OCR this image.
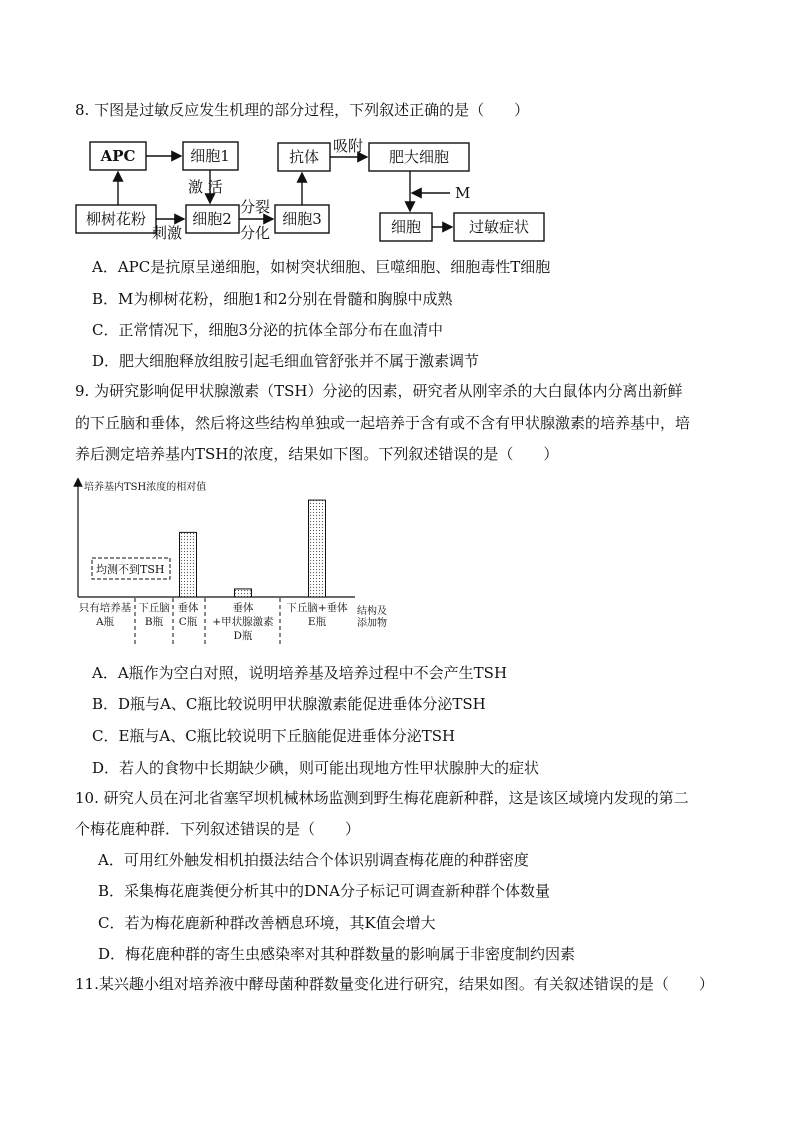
8. 下图是过敏反应发生机理的部分过程，下列叙述正确的是（　　）
APC	细胞1
柳树花粉	细胞2	细胞3
抗体	肥大细胞
细胞	过敏症状
激 活
刺激
分裂
分化
吸附
M
A．APC是抗原呈递细胞，如树突状细胞、巨噬细胞、细胞毒性T细胞
B．M为柳树花粉，细胞1和2分别在骨髓和胸腺中成熟
C．正常情况下，细胞3分泌的抗体全部分布在血清中
D．肥大细胞释放组胺引起毛细血管舒张并不属于激素调节
9. 为研究影响促甲状腺激素（TSH）分泌的因素，研究者从刚宰杀的大白鼠体内分离出新鲜
的下丘脑和垂体，然后将这些结构单独或一起培养于含有或不含有甲状腺激素的培养基中，培
养后测定培养基内TSH的浓度，结果如下图。下列叙述错误的是（　　）
培养基内TSH浓度的相对值
结构及
添加物
均测不到TSH
只有培养基
A瓶
下丘脑
B瓶
垂体
C瓶
垂体
+甲状腺激素
D瓶
下丘脑+垂体
E瓶
A．A瓶作为空白对照，说明培养基及培养过程中不会产生TSH
B．D瓶与A、C瓶比较说明甲状腺激素能促进垂体分泌TSH
C．E瓶与A、C瓶比较说明下丘脑能促进垂体分泌TSH
D．若人的食物中长期缺少碘，则可能出现地方性甲状腺肿大的症状
10. 研究人员在河北省塞罕坝机械林场监测到野生梅花鹿新种群，这是该区域境内发现的第二
个梅花鹿种群．下列叙述错误的是（　　）
A．可用红外触发相机拍摄法结合个体识别调查梅花鹿的种群密度
B．采集梅花鹿粪便分析其中的DNA分子标记可调查新种群个体数量
C．若为梅花鹿新种群改善栖息环境，其K值会增大
D．梅花鹿种群的寄生虫感染率对其种群数量的影响属于非密度制约因素
11.某兴趣小组对培养液中酵母菌种群数量变化进行研究，结果如图。有关叙述错误的是（　　）
